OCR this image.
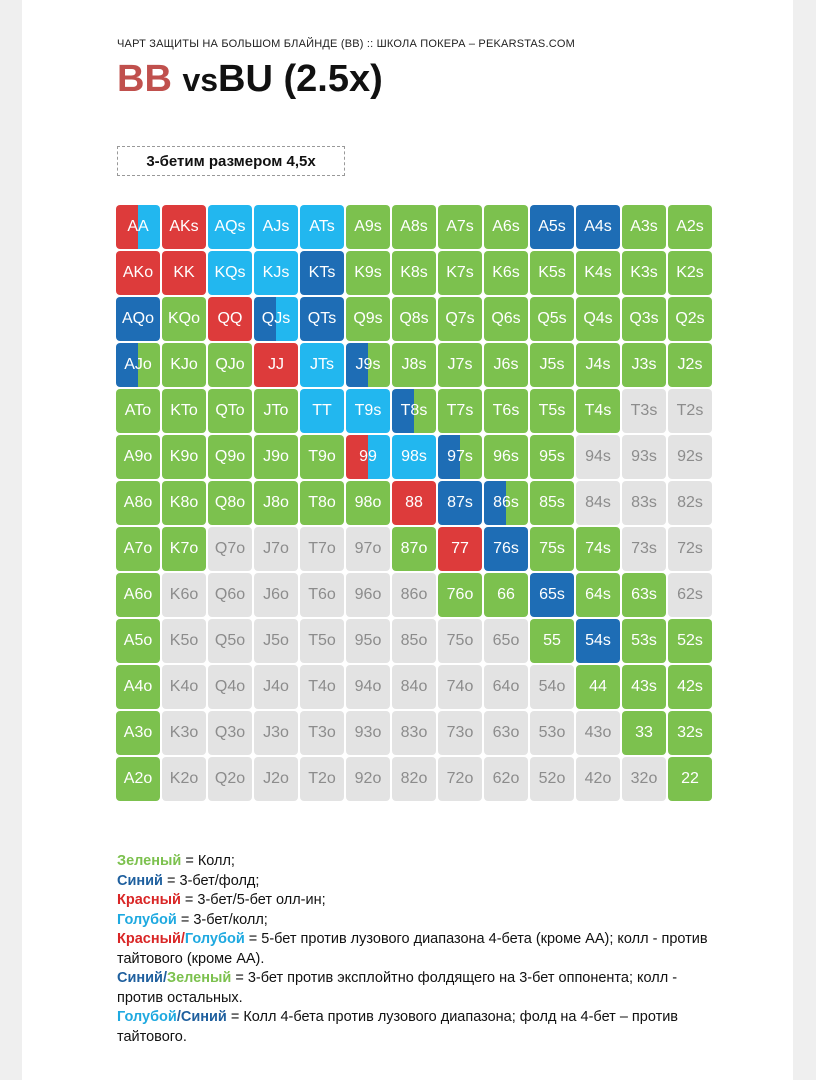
ЧАРТ ЗАЩИТЫ НА БОЛЬШОМ БЛАЙНДЕ (BB) :: ШКОЛА ПОКЕРА – PEKARSTAS.COM
BB vsBU (2.5x)
3-бетим размером 4,5х
AA AKs AQs AJs ATs A9s A8s A7s A6s A5s A4s A3s A2s
AKo KK KQs KJs KTs K9s K8s K7s K6s K5s K4s K3s K2s
AQo KQo QQ QJs QTs Q9s Q8s Q7s Q6s Q5s Q4s Q3s Q2s
AJo KJo QJo JJ JTs J9s J8s J7s J6s J5s J4s J3s J2s
ATo KTo QTo JTo TT T9s T8s T7s T6s T5s T4s T3s T2s
A9o K9o Q9o J9o T9o 99 98s 97s 96s 95s 94s 93s 92s
A8o K8o Q8o J8o T8o 98o 88 87s 86s 85s 84s 83s 82s
A7o K7o Q7o J7o T7o 97o 87o 77 76s 75s 74s 73s 72s
A6o K6o Q6o J6o T6o 96o 86o 76o 66 65s 64s 63s 62s
A5o K5o Q5o J5o T5o 95o 85o 75o 65o 55 54s 53s 52s
A4o K4o Q4o J4o T4o 94o 84o 74o 64o 54o 44 43s 42s
A3o K3o Q3o J3o T3o 93o 83o 73o 63o 53o 43o 33 32s
A2o K2o Q2o J2o T2o 92o 82o 72o 62o 52o 42o 32o 22

Зеленый = Колл;

Синий = 3-бет/фолд;

Красный = 3-бет/5-бет олл-ин;

Голубой = 3-бет/колл;

Красный/Голубой = 5-бет против лузового диапазона 4-бета (кроме АА); колл - против тайтового (кроме АА).

Синий/Зеленый = 3-бет против эксплойтно фолдящего на 3-бет оппонента; колл - против остальных.

Голубой/Синий = Колл 4-бета против лузового диапазона; фолд на 4-бет – против тайтового.
